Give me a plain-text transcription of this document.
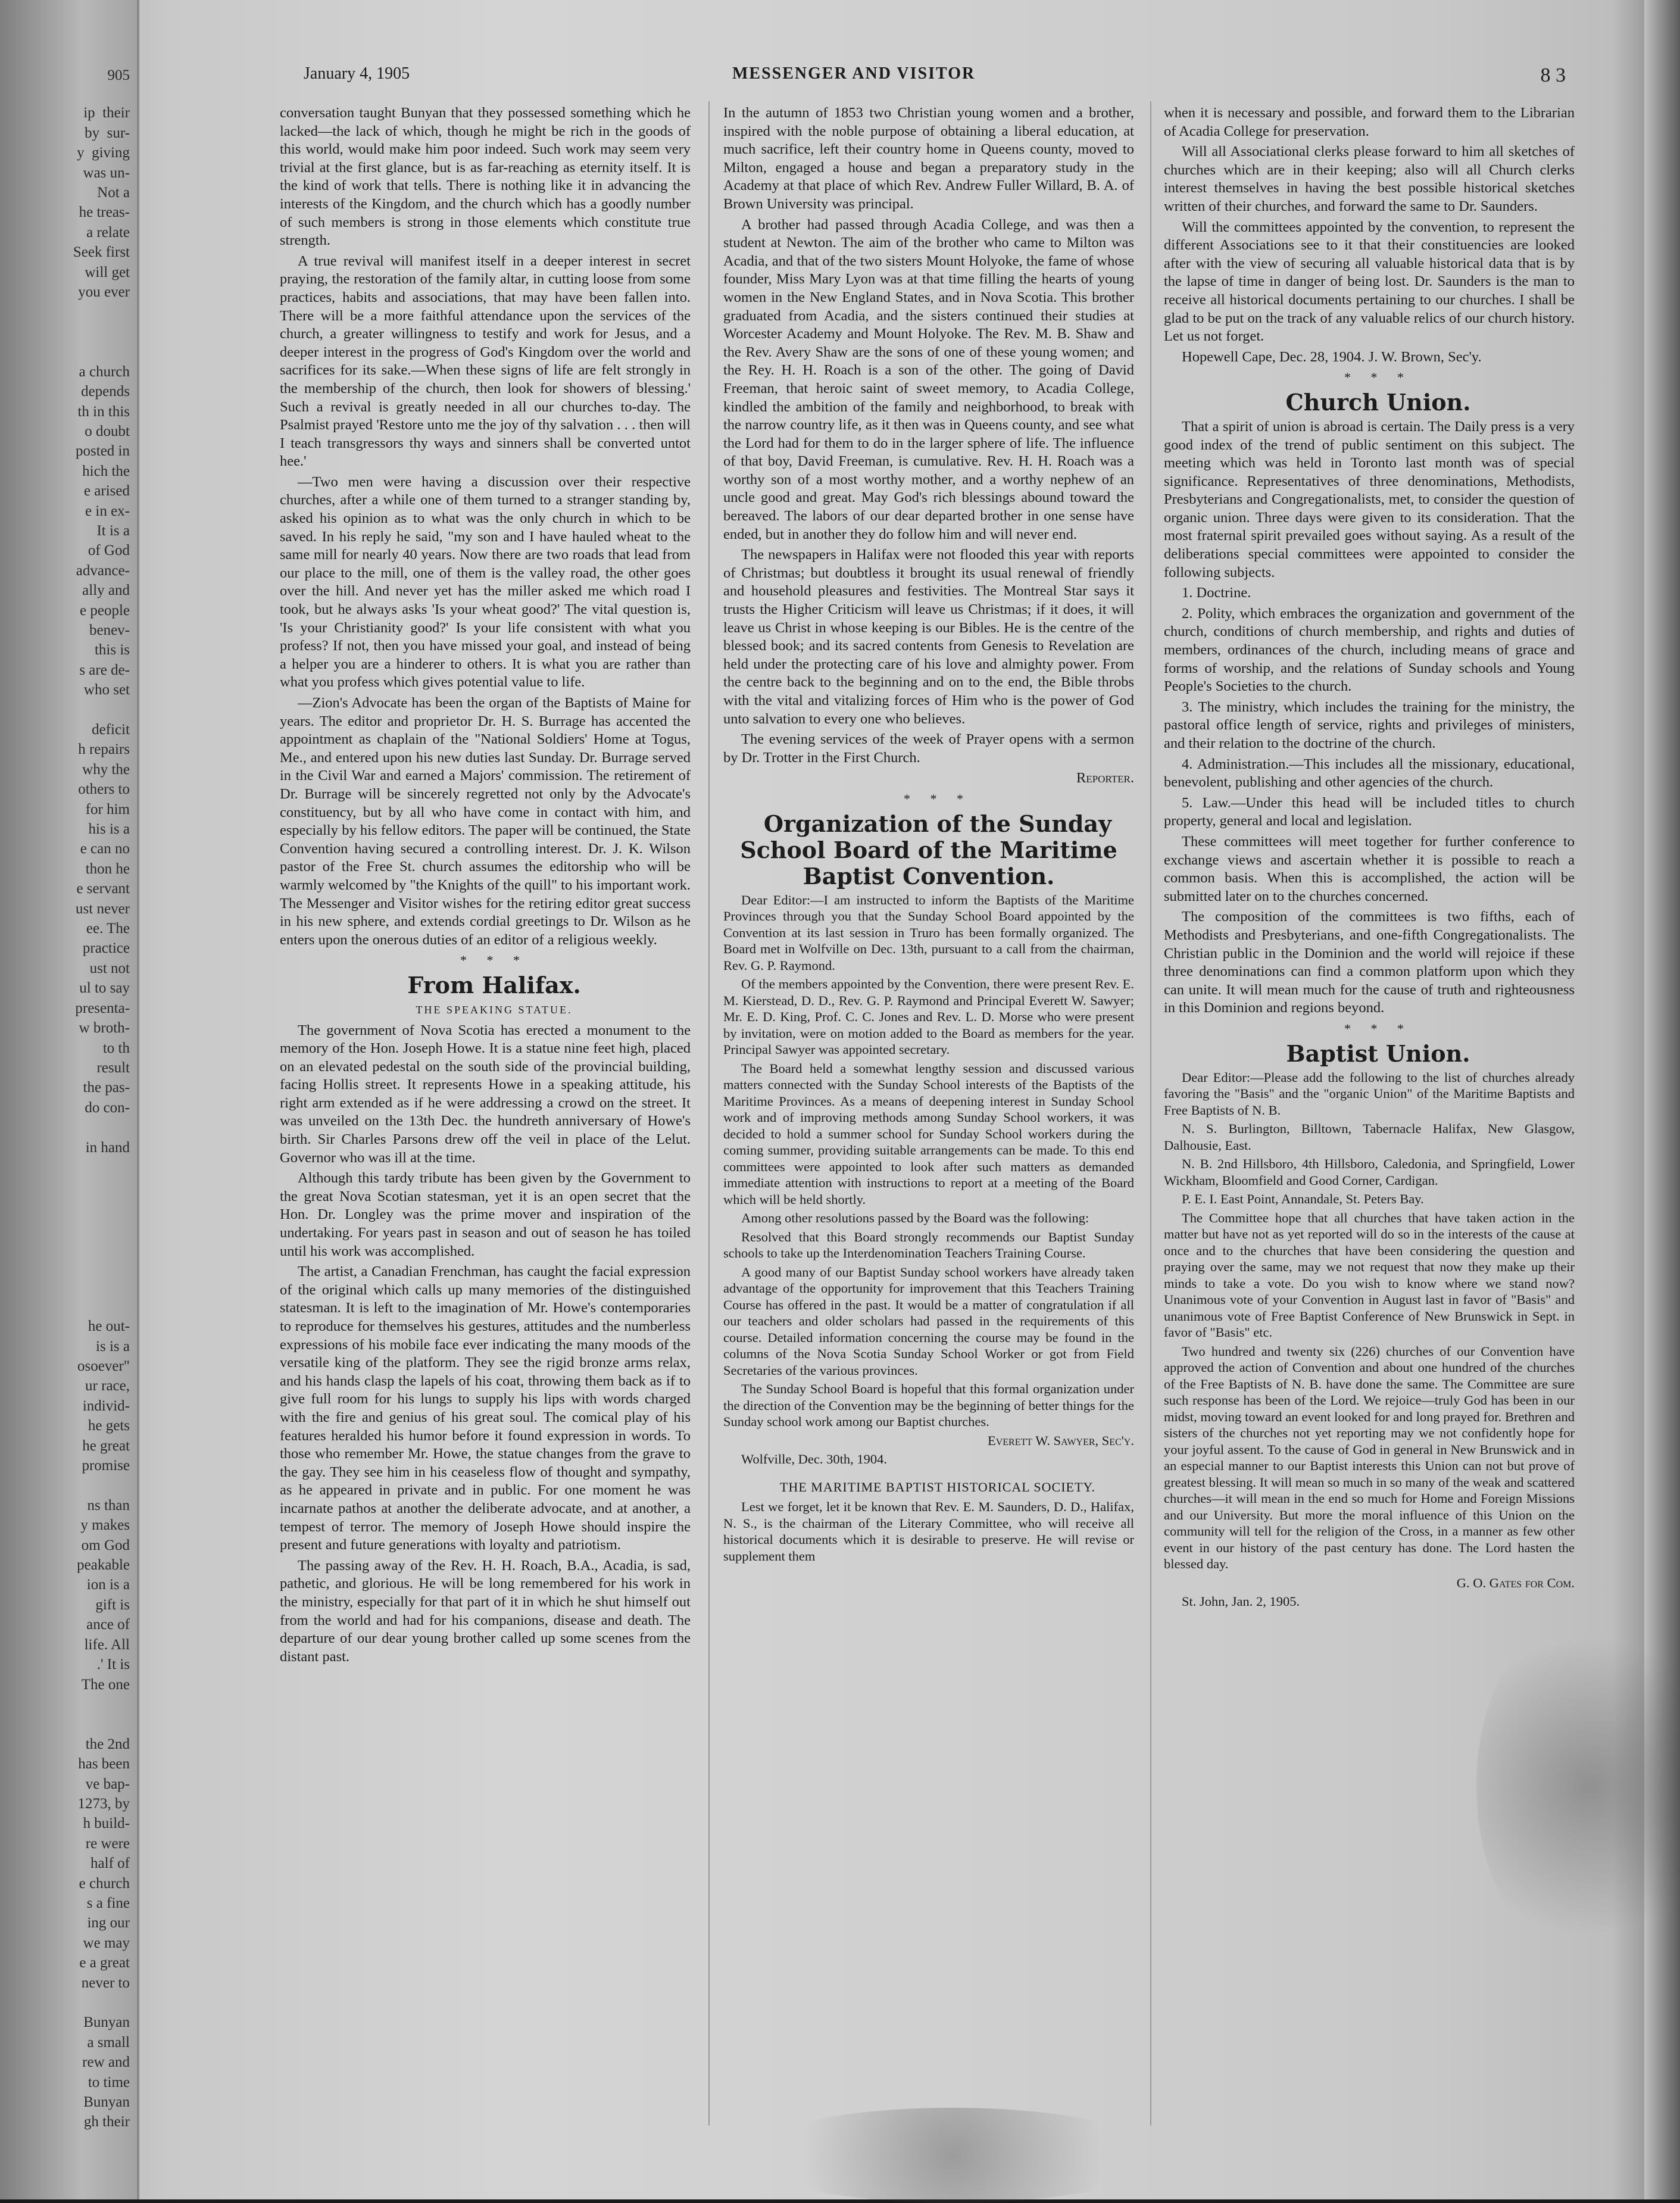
905
ip  their
by  sur-
y  giving
was un-
Not a
he treas-
a relate
Seek first
will get
you ever

a church
depends
th in this
o doubt
posted in
hich the
e arised
e in ex-
It is a
of God
advance-
ally and
e people
benev-
this is
s are de-
who set

deficit
h repairs
why the
others to
for him
his is a
e can no
thon he
e servant
ust never
ee. The
practice
ust not
ul to say
presenta-
w broth-
to th
result
the pas-
do con-

in hand

he out-
is is a
osoever"
ur race,
individ-
he gets
he great
promise

ns than
y makes
om God
peakable
ion is a
gift is
ance of
life. All
.' It is
The one

the 2nd
has been
ve bap-
1273, by
h build-
re were
half of
e church
s a fine
ing our
we may
e a great
never to

Bunyan
a small
rew and
to time
Bunyan
gh their
January 4, 1905	MESSENGER AND VISITOR	8 3

conversation taught Bunyan that they possessed something which he lacked—the lack of which, though he might be rich in the goods of this world, would make him poor indeed. Such work may seem very trivial at the first glance, but is as far-reaching as eternity itself. It is the kind of work that tells. There is nothing like it in advancing the interests of the Kingdom, and the church which has a goodly number of such members is strong in those elements which constitute true strength.

A true revival will manifest itself in a deeper interest in secret praying, the restoration of the family altar, in cutting loose from some practices, habits and associations, that may have been fallen into. There will be a more faithful attendance upon the services of the church, a greater willingness to testify and work for Jesus, and a deeper interest in the progress of God's Kingdom over the world and sacrifices for its sake.—When these signs of life are felt strongly in the membership of the church, then look for showers of blessing.' Such a revival is greatly needed in all our churches to-day. The Psalmist prayed 'Restore unto me the joy of thy salvation . . . then will I teach transgressors thy ways and sinners shall be converted untot hee.'

—Two men were having a discussion over their respective churches, after a while one of them turned to a stranger standing by, asked his opinion as to what was the only church in which to be saved. In his reply he said, "my son and I have hauled wheat to the same mill for nearly 40 years. Now there are two roads that lead from our place to the mill, one of them is the valley road, the other goes over the hill. And never yet has the miller asked me which road I took, but he always asks 'Is your wheat good?' The vital question is, 'Is your Christianity good?' Is your life consistent with what you profess? If not, then you have missed your goal, and instead of being a helper you are a hinderer to others. It is what you are rather than what you profess which gives potential value to life.

—Zion's Advocate has been the organ of the Baptists of Maine for years. The editor and proprietor Dr. H. S. Burrage has accented the appointment as chaplain of the "National Soldiers' Home at Togus, Me., and entered upon his new duties last Sunday. Dr. Burrage served in the Civil War and earned a Majors' commission. The retirement of Dr. Burrage will be sincerely regretted not only by the Advocate's constituency, but by all who have come in contact with him, and especially by his fellow editors. The paper will be continued, the State Convention having secured a controlling interest. Dr. J. K. Wilson pastor of the Free St. church assumes the editorship who will be warmly welcomed by "the Knights of the quill" to his important work. The Messenger and Visitor wishes for the retiring editor great success in his new sphere, and extends cordial greetings to Dr. Wilson as he enters upon the onerous duties of an editor of a religious weekly.

* * *

From Halifax.

THE SPEAKING STATUE.

The government of Nova Scotia has erected a monument to the memory of the Hon. Joseph Howe. It is a statue nine feet high, placed on an elevated pedestal on the south side of the provincial building, facing Hollis street. It represents Howe in a speaking attitude, his right arm extended as if he were addressing a crowd on the street. It was unveiled on the 13th Dec. the hundreth anniversary of Howe's birth. Sir Charles Parsons drew off the veil in place of the Lelut. Governor who was ill at the time.

Although this tardy tribute has been given by the Government to the great Nova Scotian statesman, yet it is an open secret that the Hon. Dr. Longley was the prime mover and inspiration of the undertaking. For years past in season and out of season he has toiled until his work was accomplished.

The artist, a Canadian Frenchman, has caught the facial expression of the original which calls up many memories of the distinguished statesman. It is left to the imagination of Mr. Howe's contemporaries to reproduce for themselves his gestures, attitudes and the numberless expressions of his mobile face ever indicating the many moods of the versatile king of the platform. They see the rigid bronze arms relax, and his hands clasp the lapels of his coat, throwing them back as if to give full room for his lungs to supply his lips with words charged with the fire and genius of his great soul. The comical play of his features heralded his humor before it found expression in words. To those who remember Mr. Howe, the statue changes from the grave to the gay. They see him in his ceaseless flow of thought and sympathy, as he appeared in private and in public. For one moment he was incarnate pathos at another the deliberate advocate, and at another, a tempest of terror. The memory of Joseph Howe should inspire the present and future generations with loyalty and patriotism.

The passing away of the Rev. H. H. Roach, B.A., Acadia, is sad, pathetic, and glorious. He will be long remembered for his work in the ministry, especially for that part of it in which he shut himself out from the world and had for his companions, disease and death. The departure of our dear young brother called up some scenes from the distant past.

In the autumn of 1853 two Christian young women and a brother, inspired with the noble purpose of obtaining a liberal education, at much sacrifice, left their country home in Queens county, moved to Milton, engaged a house and began a preparatory study in the Academy at that place of which Rev. Andrew Fuller Willard, B. A. of Brown University was principal.

A brother had passed through Acadia College, and was then a student at Newton. The aim of the brother who came to Milton was Acadia, and that of the two sisters Mount Holyoke, the fame of whose founder, Miss Mary Lyon was at that time filling the hearts of young women in the New England States, and in Nova Scotia. This brother graduated from Acadia, and the sisters continued their studies at Worcester Academy and Mount Holyoke. The Rev. M. B. Shaw and the Rev. Avery Shaw are the sons of one of these young women; and the Rey. H. H. Roach is a son of the other. The going of David Freeman, that heroic saint of sweet memory, to Acadia College, kindled the ambition of the family and neighborhood, to break with the narrow country life, as it then was in Queens county, and see what the Lord had for them to do in the larger sphere of life. The influence of that boy, David Freeman, is cumulative. Rev. H. H. Roach was a worthy son of a most worthy mother, and a worthy nephew of an uncle good and great. May God's rich blessings abound toward the bereaved. The labors of our dear departed brother in one sense have ended, but in another they do follow him and will never end.

The newspapers in Halifax were not flooded this year with reports of Christmas; but doubtless it brought its usual renewal of friendly and household pleasures and festivities. The Montreal Star says it trusts the Higher Criticism will leave us Christmas; if it does, it will leave us Christ in whose keeping is our Bibles. He is the centre of the blessed book; and its sacred contents from Genesis to Revelation are held under the protecting care of his love and almighty power. From the centre back to the beginning and on to the end, the Bible throbs with the vital and vitalizing forces of Him who is the power of God unto salvation to every one who believes.

The evening services of the week of Prayer opens with a sermon by Dr. Trotter in the First Church.

Reporter.

* * *

Organization of the Sunday School Board of the Maritime Baptist Convention.

Dear Editor:—I am instructed to inform the Baptists of the Maritime Provinces through you that the Sunday School Board appointed by the Convention at its last session in Truro has been formally organized. The Board met in Wolfville on Dec. 13th, pursuant to a call from the chairman, Rev. G. P. Raymond.

Of the members appointed by the Convention, there were present Rev. E. M. Kierstead, D. D., Rev. G. P. Raymond and Principal Everett W. Sawyer; Mr. E. D. King, Prof. C. C. Jones and Rev. L. D. Morse who were present by invitation, were on motion added to the Board as members for the year. Principal Sawyer was appointed secretary.

The Board held a somewhat lengthy session and discussed various matters connected with the Sunday School interests of the Baptists of the Maritime Provinces. As a means of deepening interest in Sunday School work and of improving methods among Sunday School workers, it was decided to hold a summer school for Sunday School workers during the coming summer, providing suitable arrangements can be made. To this end committees were appointed to look after such matters as demanded immediate attention with instructions to report at a meeting of the Board which will be held shortly.

Among other resolutions passed by the Board was the following:

Resolved that this Board strongly recommends our Baptist Sunday schools to take up the Interdenomination Teachers Training Course.

A good many of our Baptist Sunday school workers have already taken advantage of the opportunity for improvement that this Teachers Training Course has offered in the past. It would be a matter of congratulation if all our teachers and older scholars had passed in the requirements of this course. Detailed information concerning the course may be found in the columns of the Nova Scotia Sunday School Worker or got from Field Secretaries of the various provinces.

The Sunday School Board is hopeful that this formal organization under the direction of the Convention may be the beginning of better things for the Sunday school work among our Baptist churches.

Everett W. Sawyer, Sec'y.

Wolfville, Dec. 30th, 1904.

THE MARITIME BAPTIST HISTORICAL SOCIETY.

Lest we forget, let it be known that Rev. E. M. Saunders, D. D., Halifax, N. S., is the chairman of the Literary Committee, who will receive all historical documents which it is desirable to preserve. He will revise or supplement them

when it is necessary and possible, and forward them to the Librarian of Acadia College for preservation.

Will all Associational clerks please forward to him all sketches of churches which are in their keeping; also will all Church clerks interest themselves in having the best possible historical sketches written of their churches, and forward the same to Dr. Saunders.

Will the committees appointed by the convention, to represent the different Associations see to it that their constituencies are looked after with the view of securing all valuable historical data that is by the lapse of time in danger of being lost. Dr. Saunders is the man to receive all historical documents pertaining to our churches. I shall be glad to be put on the track of any valuable relics of our church history. Let us not forget.

Hopewell Cape, Dec. 28, 1904. J. W. Brown, Sec'y.

* * *

Church Union.

That a spirit of union is abroad is certain. The Daily press is a very good index of the trend of public sentiment on this subject. The meeting which was held in Toronto last month was of special significance. Representatives of three denominations, Methodists, Presbyterians and Congregationalists, met, to consider the question of organic union. Three days were given to its consideration. That the most fraternal spirit prevailed goes without saying. As a result of the deliberations special committees were appointed to consider the following subjects.

1. Doctrine.

2. Polity, which embraces the organization and government of the church, conditions of church membership, and rights and duties of members, ordinances of the church, including means of grace and forms of worship, and the relations of Sunday schools and Young People's Societies to the church.

3. The ministry, which includes the training for the ministry, the pastoral office length of service, rights and privileges of ministers, and their relation to the doctrine of the church.

4. Administration.—This includes all the missionary, educational, benevolent, publishing and other agencies of the church.

5. Law.—Under this head will be included titles to church property, general and local and legislation.

These committees will meet together for further conference to exchange views and ascertain whether it is possible to reach a common basis. When this is accomplished, the action will be submitted later on to the churches concerned.

The composition of the committees is two fifths, each of Methodists and Presbyterians, and one-fifth Congregationalists. The Christian public in the Dominion and the world will rejoice if these three denominations can find a common platform upon which they can unite. It will mean much for the cause of truth and righteousness in this Dominion and regions beyond.

* * *

Baptist Union.

Dear Editor:—Please add the following to the list of churches already favoring the "Basis" and the "organic Union" of the Maritime Baptists and Free Baptists of N. B.

N. S. Burlington, Billtown, Tabernacle Halifax, New Glasgow, Dalhousie, East.

N. B. 2nd Hillsboro, 4th Hillsboro, Caledonia, and Springfield, Lower Wickham, Bloomfield and Good Corner, Cardigan.

P. E. I. East Point, Annandale, St. Peters Bay.

The Committee hope that all churches that have taken action in the matter but have not as yet reported will do so in the interests of the cause at once and to the churches that have been considering the question and praying over the same, may we not request that now they make up their minds to take a vote. Do you wish to know where we stand now? Unanimous vote of your Convention in August last in favor of "Basis" and unanimous vote of Free Baptist Conference of New Brunswick in Sept. in favor of "Basis" etc.

Two hundred and twenty six (226) churches of our Convention have approved the action of Convention and about one hundred of the churches of the Free Baptists of N. B. have done the same. The Committee are sure such response has been of the Lord. We rejoice—truly God has been in our midst, moving toward an event looked for and long prayed for. Brethren and sisters of the churches not yet reporting may we not confidently hope for your joyful assent. To the cause of God in general in New Brunswick and in an especial manner to our Baptist interests this Union can not but prove of greatest blessing. It will mean so much in so many of the weak and scattered churches—it will mean in the end so much for Home and Foreign Missions and our University. But more the moral influence of this Union on the community will tell for the religion of the Cross, in a manner as few other event in our history of the past century has done. The Lord hasten the blessed day.

G. O. Gates for Com.

St. John, Jan. 2, 1905.
